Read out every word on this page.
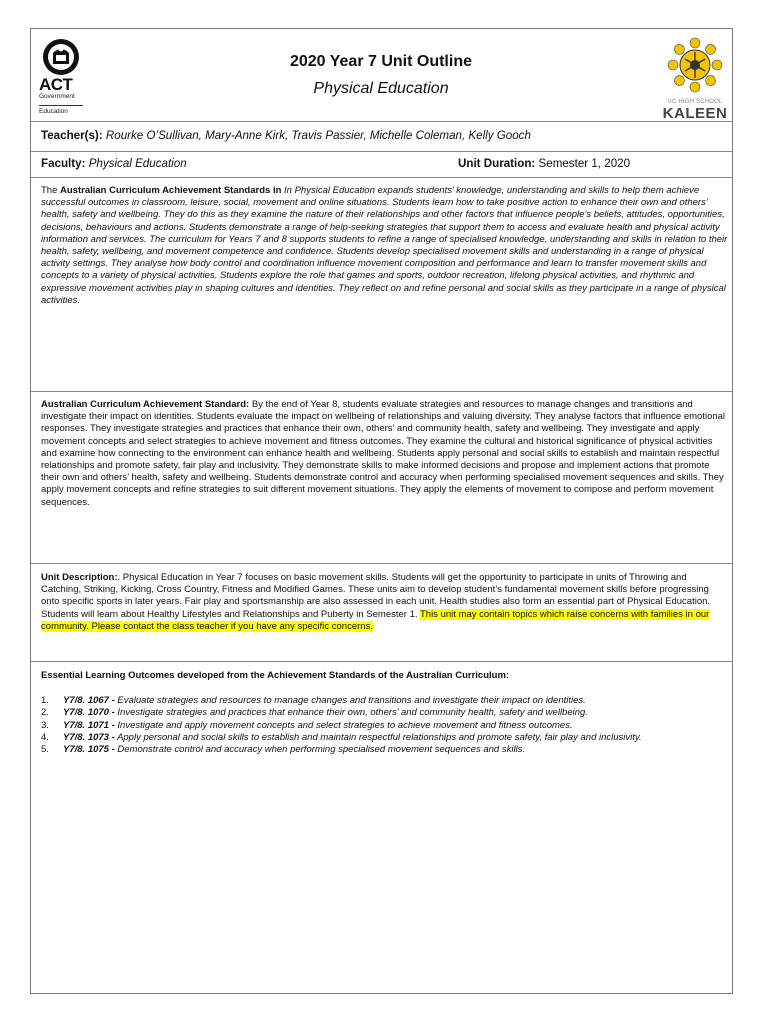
ACT
Government
Education
2020 Year 7 Unit Outline
Physical Education
UC HIGH SCHOOL
KALEEN
Teacher(s): Rourke O’Sullivan, Mary-Anne Kirk, Travis Passier, Michelle Coleman, Kelly Gooch
Faculty: Physical Education	Unit Duration: Semester 1, 2020

The Australian Curriculum Achievement Standards in In Physical Education expands students’ knowledge, understanding and skills to help them achieve successful outcomes in classroom, leisure, social, movement and online situations. Students learn how to take positive action to enhance their own and others’ health, safety and wellbeing. They do this as they examine the nature of their relationships and other factors that influence people’s beliefs, attitudes, opportunities, decisions, behaviours and actions. Students demonstrate a range of help-seeking strategies that support them to access and evaluate health and physical activity information and services. The curriculum for Years 7 and 8 supports students to refine a range of specialised knowledge, understanding and skills in relation to their health, safety, wellbeing, and movement competence and confidence. Students develop specialised movement skills and understanding in a range of physical activity settings. They analyse how body control and coordination influence movement composition and performance and learn to transfer movement skills and concepts to a variety of physical activities. Students explore the role that games and sports, outdoor recreation, lifelong physical activities, and rhythmic and expressive movement activities play in shaping cultures and identities. They reflect on and refine personal and social skills as they participate in a range of physical activities.

Australian Curriculum Achievement Standard: By the end of Year 8, students evaluate strategies and resources to manage changes and transitions and investigate their impact on identities. Students evaluate the impact on wellbeing of relationships and valuing diversity. They analyse factors that influence emotional responses. They investigate strategies and practices that enhance their own, others’ and community health, safety and wellbeing. They investigate and apply movement concepts and select strategies to achieve movement and fitness outcomes. They examine the cultural and historical significance of physical activities and examine how connecting to the environment can enhance health and wellbeing. Students apply personal and social skills to establish and maintain respectful relationships and promote safety, fair play and inclusivity. They demonstrate skills to make informed decisions and propose and implement actions that promote their own and others’ health, safety and wellbeing. Students demonstrate control and accuracy when performing specialised movement sequences and skills. They apply movement concepts and refine strategies to suit different movement situations. They apply the elements of movement to compose and perform movement sequences.

Unit Description:. Physical Education in Year 7 focuses on basic movement skills. Students will get the opportunity to participate in units of Throwing and Catching, Striking, Kicking, Cross Country, Fitness and Modified Games. These units aim to develop student’s fundamental movement skills before progressing onto specific sports in later years. Fair play and sportsmanship are also assessed in each unit. Health studies also form an essential part of Physical Education. Students will learn about Healthy Lifestyles and Relationships and Puberty in Semester 1. This unit may contain topics which raise concerns with families in our community. Please contact the class teacher if you have any specific concerns.

Essential Learning Outcomes developed from the Achievement Standards of the Australian Curriculum:

1. Y7/8. 1067 - Evaluate strategies and resources to manage changes and transitions and investigate their impact on identities.
2. Y7/8. 1070 - Investigate strategies and practices that enhance their own, others’ and community health, safety and wellbeing.
3. Y7/8. 1071 - Investigate and apply movement concepts and select strategies to achieve movement and fitness outcomes.
4. Y7/8. 1073 - Apply personal and social skills to establish and maintain respectful relationships and promote safety, fair play and inclusivity.
5. Y7/8. 1075 - Demonstrate control and accuracy when performing specialised movement sequences and skills.
